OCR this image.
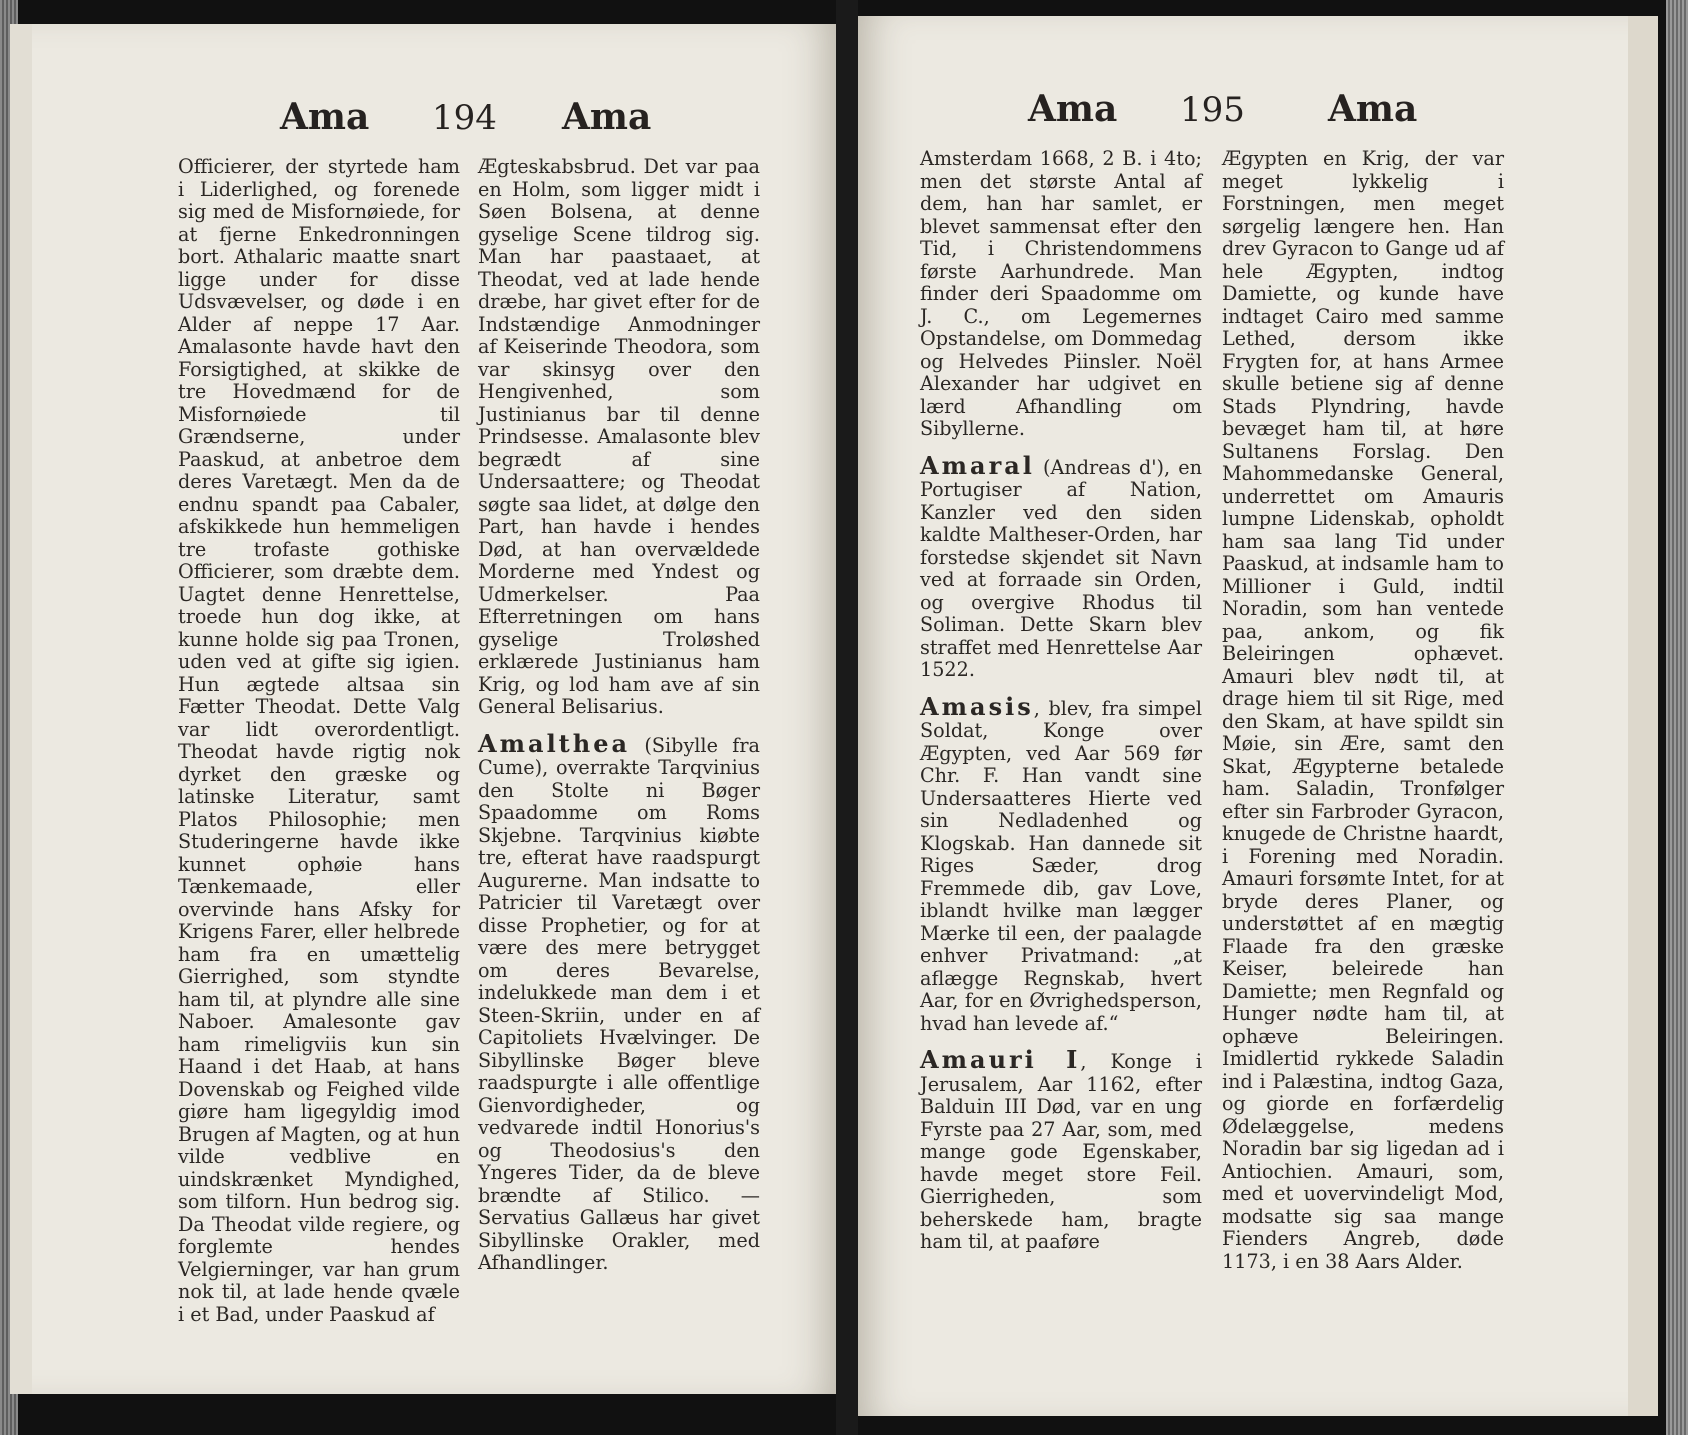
Ama 194 Ama

Officierer, der styrtede ham i Liderlighed, og forenede sig med de Misfornøiede, for at fjerne Enkedronningen bort. Athalaric maatte snart ligge under for disse Udsvævelser, og døde i en Alder af neppe 17 Aar. Amalasonte havde havt den Forsigtighed, at skikke de tre Hovedmænd for de Misfornøiede til Grændserne, under Paaskud, at anbetroe dem deres Varetægt. Men da de endnu spandt paa Cabaler, afskikkede hun hemmeligen tre trofaste gothiske Officierer, som dræbte dem. Uagtet denne Henrettelse, troede hun dog ikke, at kunne holde sig paa Tronen, uden ved at gifte sig igien. Hun ægtede altsaa sin Fætter Theodat. Dette Valg var lidt overordentligt. Theodat havde rigtig nok dyrket den græske og latinske Literatur, samt Platos Philosophie; men Studeringerne havde ikke kunnet ophøie hans Tænkemaade, eller overvinde hans Afsky for Krigens Farer, eller helbrede ham fra en umættelig Gierrighed, som styndte ham til, at plyndre alle sine Naboer. Amalesonte gav ham rimeligviis kun sin Haand i det Haab, at hans Dovenskab og Feighed vilde giøre ham ligegyldig imod Brugen af Magten, og at hun vilde vedblive en uindskrænket Myndighed, som tilforn. Hun bedrog sig. Da Theodat vilde regiere, og forglemte hendes Velgierninger, var han grum nok til, at lade hende qvæle i et Bad, under Paaskud af

Ægteskabsbrud. Det var paa en Holm, som ligger midt i Søen Bolsena, at denne gyselige Scene tildrog sig. Man har paastaaet, at Theodat, ved at lade hende dræbe, har givet efter for de Indstændige Anmodninger af Keiserinde Theodora, som var skinsyg over den Hengivenhed, som Justinianus bar til denne Prindsesse. Amalasonte blev begrædt af sine Undersaattere; og Theodat søgte saa lidet, at dølge den Part, han havde i hendes Død, at han overvældede Morderne med Yndest og Udmerkelser. Paa Efterretningen om hans gyselige Troløshed erklærede Justinianus ham Krig, og lod ham ave af sin General Belisarius.

Amalthea (Sibylle fra Cume), overrakte Tarqvinius den Stolte ni Bøger Spaadomme om Roms Skjebne. Tarqvinius kiøbte tre, efterat have raadspurgt Augurerne. Man indsatte to Patricier til Varetægt over disse Prophetier, og for at være des mere betrygget om deres Bevarelse, indelukkede man dem i et Steen-Skriin, under en af Capitoliets Hvælvinger. De Sibyllinske Bøger bleve raadspurgte i alle offentlige Gienvordigheder, og vedvarede indtil Honorius's og Theodosius's den Yngeres Tider, da de bleve brændte af Stilico. — Servatius Gallæus har givet Sibyllinske Orakler, med Afhandlinger.

Ama 195 Ama

Amsterdam 1668, 2 B. i 4to; men det største Antal af dem, han har samlet, er blevet sammensat efter den Tid, i Christendommens første Aarhundrede. Man finder deri Spaadomme om J. C., om Legemernes Opstandelse, om Dommedag og Helvedes Piinsler. Noël Alexander har udgivet en lærd Afhandling om Sibyllerne.

Amaral (Andreas d'), en Portugiser af Nation, Kanzler ved den siden kaldte Maltheser-Orden, har forstedse skjendet sit Navn ved at forraade sin Orden, og overgive Rhodus til Soliman. Dette Skarn blev straffet med Henrettelse Aar 1522.

Amasis, blev, fra simpel Soldat, Konge over Ægypten, ved Aar 569 før Chr. F. Han vandt sine Undersaatteres Hierte ved sin Nedladenhed og Klogskab. Han dannede sit Riges Sæder, drog Fremmede dib, gav Love, iblandt hvilke man lægger Mærke til een, der paalagde enhver Privatmand: „at aflægge Regnskab, hvert Aar, for en Øvrighedsperson, hvad han levede af.“

Amauri I, Konge i Jerusalem, Aar 1162, efter Balduin III Død, var en ung Fyrste paa 27 Aar, som, med mange gode Egenskaber, havde meget store Feil. Gierrigheden, som beherskede ham, bragte ham til, at paaføre

Ægypten en Krig, der var meget lykkelig i Forstningen, men meget sørgelig længere hen. Han drev Gyracon to Gange ud af hele Ægypten, indtog Damiette, og kunde have indtaget Cairo med samme Lethed, dersom ikke Frygten for, at hans Armee skulle betiene sig af denne Stads Plyndring, havde bevæget ham til, at høre Sultanens Forslag. Den Mahommedanske General, underrettet om Amauris lumpne Lidenskab, opholdt ham saa lang Tid under Paaskud, at indsamle ham to Millioner i Guld, indtil Noradin, som han ventede paa, ankom, og fik Beleiringen ophævet. Amauri blev nødt til, at drage hiem til sit Rige, med den Skam, at have spildt sin Møie, sin Ære, samt den Skat, Ægypterne betalede ham. Saladin, Tronfølger efter sin Farbroder Gyracon, knugede de Christne haardt, i Forening med Noradin. Amauri forsømte Intet, for at bryde deres Planer, og understøttet af en mægtig Flaade fra den græske Keiser, beleirede han Damiette; men Regnfald og Hunger nødte ham til, at ophæve Beleiringen. Imidlertid rykkede Saladin ind i Palæstina, indtog Gaza, og giorde en forfærdelig Ødelæggelse, medens Noradin bar sig ligedan ad i Antiochien. Amauri, som, med et uovervindeligt Mod, modsatte sig saa mange Fienders Angreb, døde 1173, i en 38 Aars Alder.
